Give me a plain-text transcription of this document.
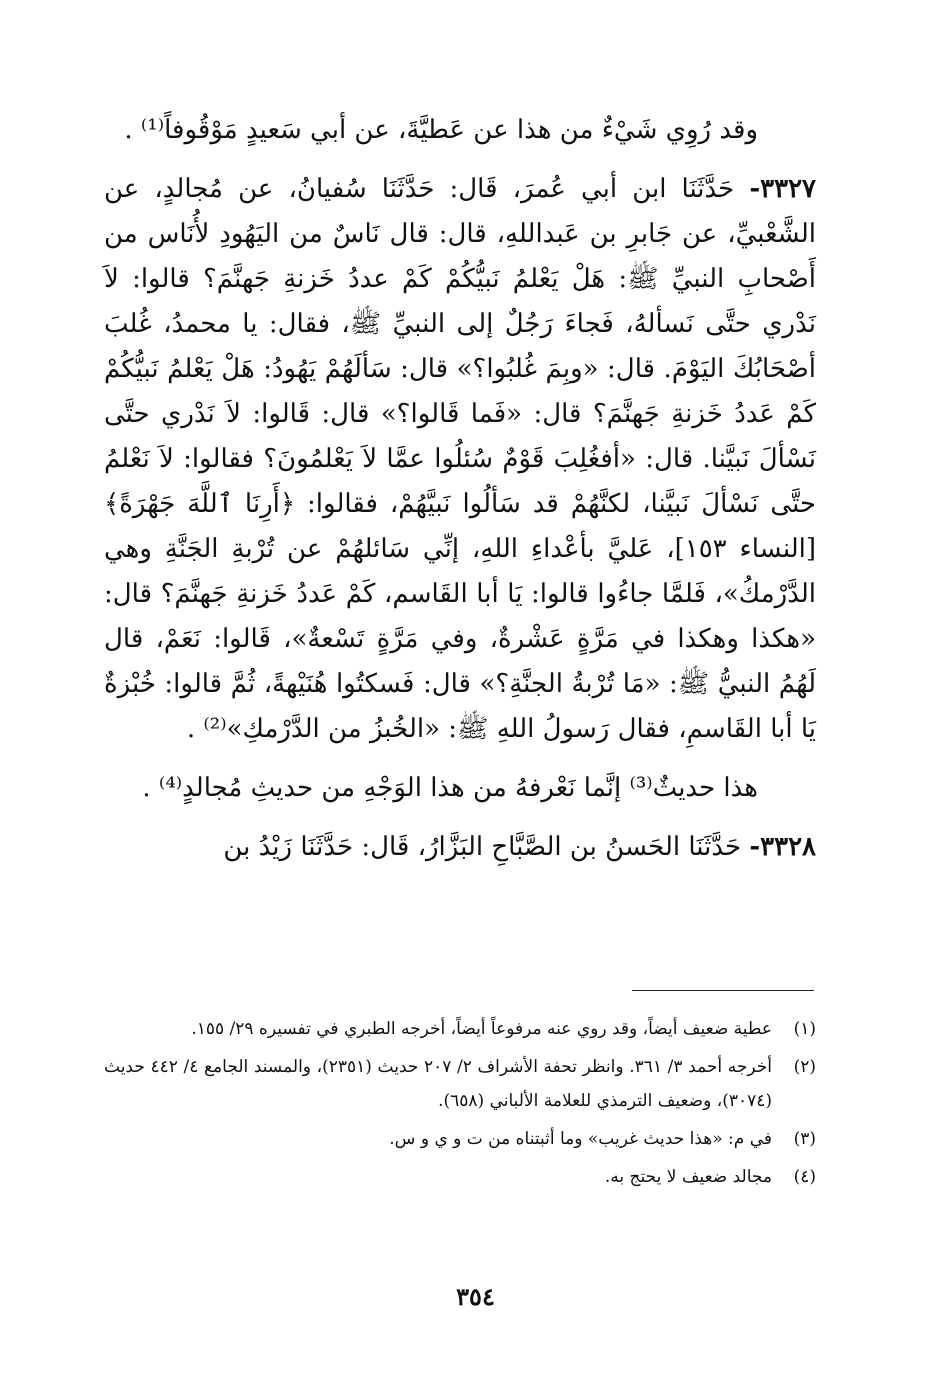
وقد رُوِي شَيْءٌ من هذا عن عَطيَّةَ، عن أبي سَعيدٍ مَوْقُوفاً⁽¹⁾ .

٣٣٢٧- حَدَّثَنَا ابن أبي عُمرَ، قَال: حَدَّثَنَا سُفيانُ، عن مُجالدٍ، عن الشَّعْبيِّ، عن جَابرِ بن عَبداللهِ، قال: قال نَاسٌ من اليَهُودِ لأُنَاس من أَصْحابِ النبيِّ ﷺ: هَلْ يَعْلمُ نَبيُّكُمْ كَمْ عددُ خَزنةِ جَهنَّمَ؟ قالوا: لاَ نَدْري حتَّى نَسألهُ، فَجاءَ رَجُلٌ إلى النبيِّ ﷺ، فقال: يا محمدُ، غُلبَ أصْحَابُكَ اليَوْمَ. قال: «وبِمَ غُلبُوا؟» قال: سَألَهُمْ يَهُودُ: هَلْ يَعْلمُ نَبيُّكُمْ كَمْ عَددُ خَزنةِ جَهنَّمَ؟ قال: «فَما قَالوا؟» قال: قَالوا: لاَ نَدْري حتَّى نَسْألَ نَبيَّنا. قال: «أفغُلِبَ قَوْمٌ سُئلُوا عمَّا لاَ يَعْلمُونَ؟ فقالوا: لاَ نَعْلمُ حتَّى نَسْألَ نَبيَّنا، لكنَّهُمْ قد سَألُوا نَبيَّهُمْ، فقالوا: ﴿أَرِنَا ٱللَّهَ جَهْرَةً﴾ [النساء ١٥٣]، عَليَّ بأعْداءِ اللهِ، إنِّي سَائلهُمْ عن تُرْبةِ الجَنَّةِ وهي الدَّرْمكُ»، فَلمَّا جاءُوا قالوا: يَا أبا القَاسم، كَمْ عَددُ خَزنةِ جَهنَّمَ؟ قال: «هكذا وهكذا في مَرَّةٍ عَشْرةٌ، وفي مَرَّةٍ تَسْعةٌ»، قَالوا: نَعَمْ، قال لَهُمُ النبيُّ ﷺ: «مَا تُرْبةُ الجنَّةِ؟» قال: فَسكتُوا هُنَيْهةً، ثُمَّ قالوا: خُبْزةٌ يَا أبا القَاسمِ، فقال رَسولُ اللهِ ﷺ: «الخُبزُ من الدَّرْمكِ»⁽²⁾ .

هذا حديثٌ⁽³⁾ إنَّما نَعْرفهُ من هذا الوَجْهِ من حديثِ مُجالدٍ⁽⁴⁾ .

٣٣٢٨- حَدَّثَنَا الحَسنُ بن الصَّبَّاحِ البَزَّارُ، قَال: حَدَّثَنَا زَيْدُ بن

(١)
عطية ضعيف أيضاً، وقد روي عنه مرفوعاً أيضاً، أخرجه الطبري في تفسيره ٢٩/ ١٥٥.
(٢)
أخرجه أحمد ٣/ ٣٦١. وانظر تحفة الأشراف ٢/ ٢٠٧ حديث (٢٣٥١)، والمسند الجامع ٤/ ٤٤٢ حديث (٣٠٧٤)، وضعيف الترمذي للعلامة الألباني (٦٥٨).
(٣)
في م: «هذا حديث غريب» وما أثبتناه من ت و ي و س.
(٤)
مجالد ضعيف لا يحتج به.
٣٥٤
